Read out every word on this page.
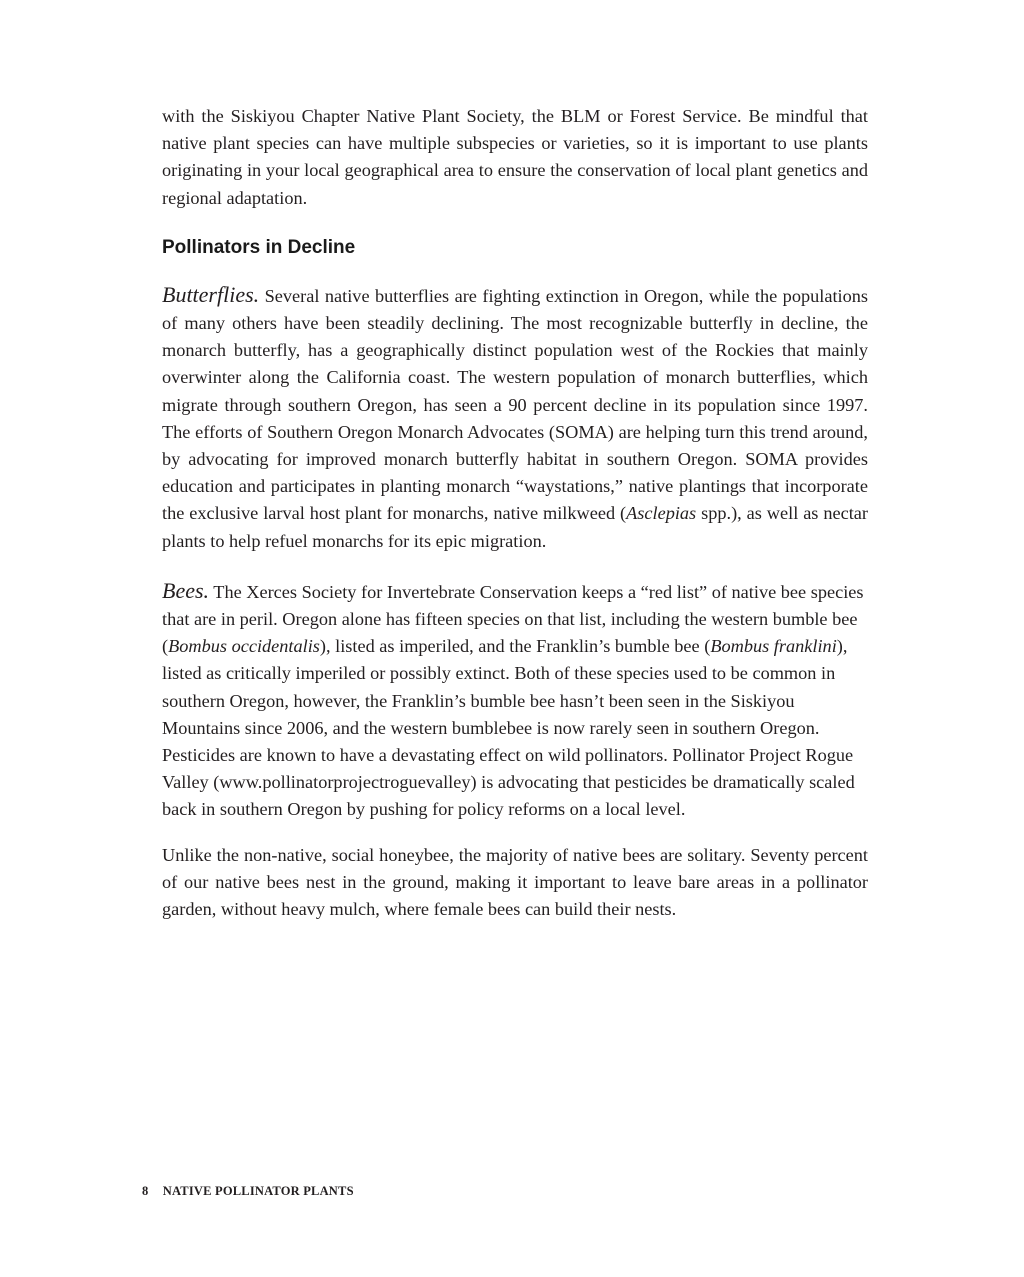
with the Siskiyou Chapter Native Plant Society, the BLM or Forest Service. Be mindful that native plant species can have multiple subspecies or varieties, so it is important to use plants originating in your local geographical area to ensure the conservation of local plant genetics and regional adaptation.

Pollinators in Decline

Butterflies. Several native butterflies are fighting extinction in Oregon, while the populations of many others have been steadily declining. The most recognizable butterfly in decline, the monarch butterfly, has a geographically distinct population west of the Rockies that mainly overwinter along the California coast. The western population of monarch butterflies, which migrate through southern Oregon, has seen a 90 percent decline in its population since 1997. The efforts of Southern Oregon Monarch Advocates (SOMA) are helping turn this trend around, by advocating for improved monarch butterfly habitat in southern Oregon. SOMA provides education and participates in planting monarch “waystations,” native plantings that incorporate the exclusive larval host plant for monarchs, native milkweed (Asclepias spp.), as well as nectar plants to help refuel monarchs for its epic migration.

Bees. The Xerces Society for Invertebrate Conservation keeps a “red list” of native bee species that are in peril. Oregon alone has fifteen species on that list, including the western bumble bee (Bombus occidentalis), listed as imperiled, and the Franklin’s bumble bee (Bombus franklini), listed as critically imperiled or possibly extinct. Both of these species used to be common in southern Oregon, however, the Franklin’s bumble bee hasn’t been seen in the Siskiyou Mountains since 2006, and the western bumblebee is now rarely seen in southern Oregon. Pesticides are known to have a devastating effect on wild pollinators. Pollinator Project Rogue Valley (www.pollinatorprojectroguevalley) is advocating that pesticides be dramatically scaled back in southern Oregon by pushing for policy reforms on a local level.

Unlike the non-native, social honeybee, the majority of native bees are solitary. Seventy percent of our native bees nest in the ground, making it important to leave bare areas in a pollinator garden, without heavy mulch, where female bees can build their nests.

8 NATIVE POLLINATOR PLANTS
